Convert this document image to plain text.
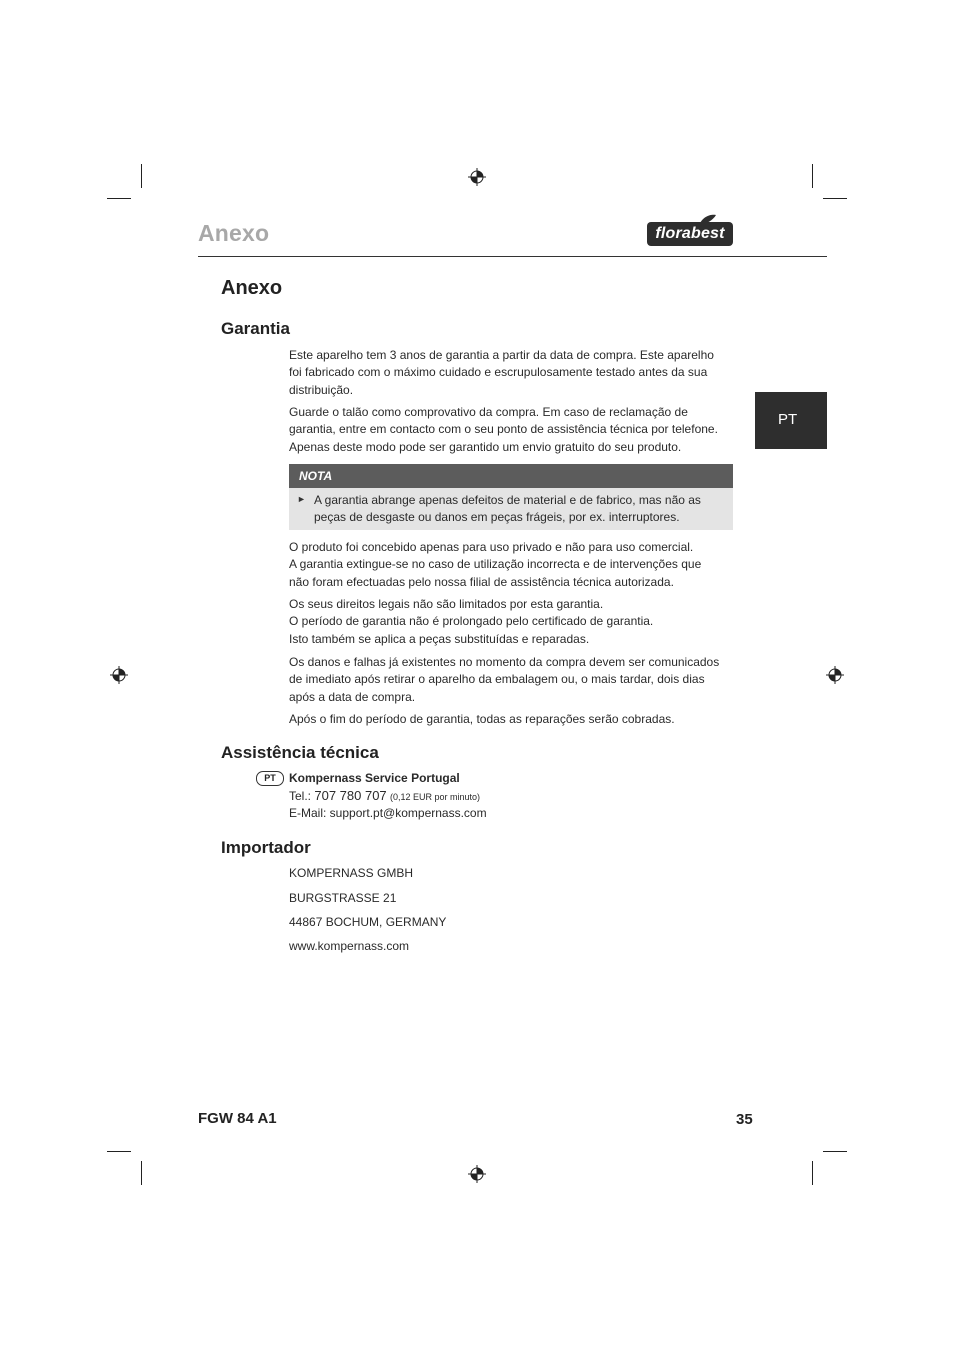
Anexo	florabest
PT
Anexo
Garantia
Este aparelho tem 3 anos de garantia a partir da data de compra. Este aparelho
foi fabricado com o máximo cuidado e escrupulosamente testado antes da sua
distribuição.
Guarde o talão como comprovativo da compra. Em caso de reclamação de
garantia, entre em contacto com o seu ponto de assistência técnica por telefone.
Apenas deste modo pode ser garantido um envio gratuito do seu produto.
NOTA
► A garantia abrange apenas defeitos de material e de fabrico, mas não as
peças de desgaste ou danos em peças frágeis, por ex. interruptores.
O produto foi concebido apenas para uso privado e não para uso comercial.
A garantia extingue-se no caso de utilização incorrecta e de intervenções que
não foram efectuadas pelo nossa filial de assistência técnica autorizada.
Os seus direitos legais não são limitados por esta garantia.
O período de garantia não é prolongado pelo certificado de garantia.
Isto também se aplica a peças substituídas e reparadas.
Os danos e falhas já existentes no momento da compra devem ser comunicados
de imediato após retirar o aparelho da embalagem ou, o mais tardar, dois dias
após a data de compra.
Após o fim do período de garantia, todas as reparações serão cobradas.
Assistência técnica
PT	Kompernass Service Portugal
Tel.: 707 780 707 (0,12 EUR por minuto)
E-Mail: support.pt@kompernass.com
Importador
KOMPERNASS GMBH
BURGSTRASSE 21
44867 BOCHUM, GERMANY
www.kompernass.com
FGW 84 A1	35
